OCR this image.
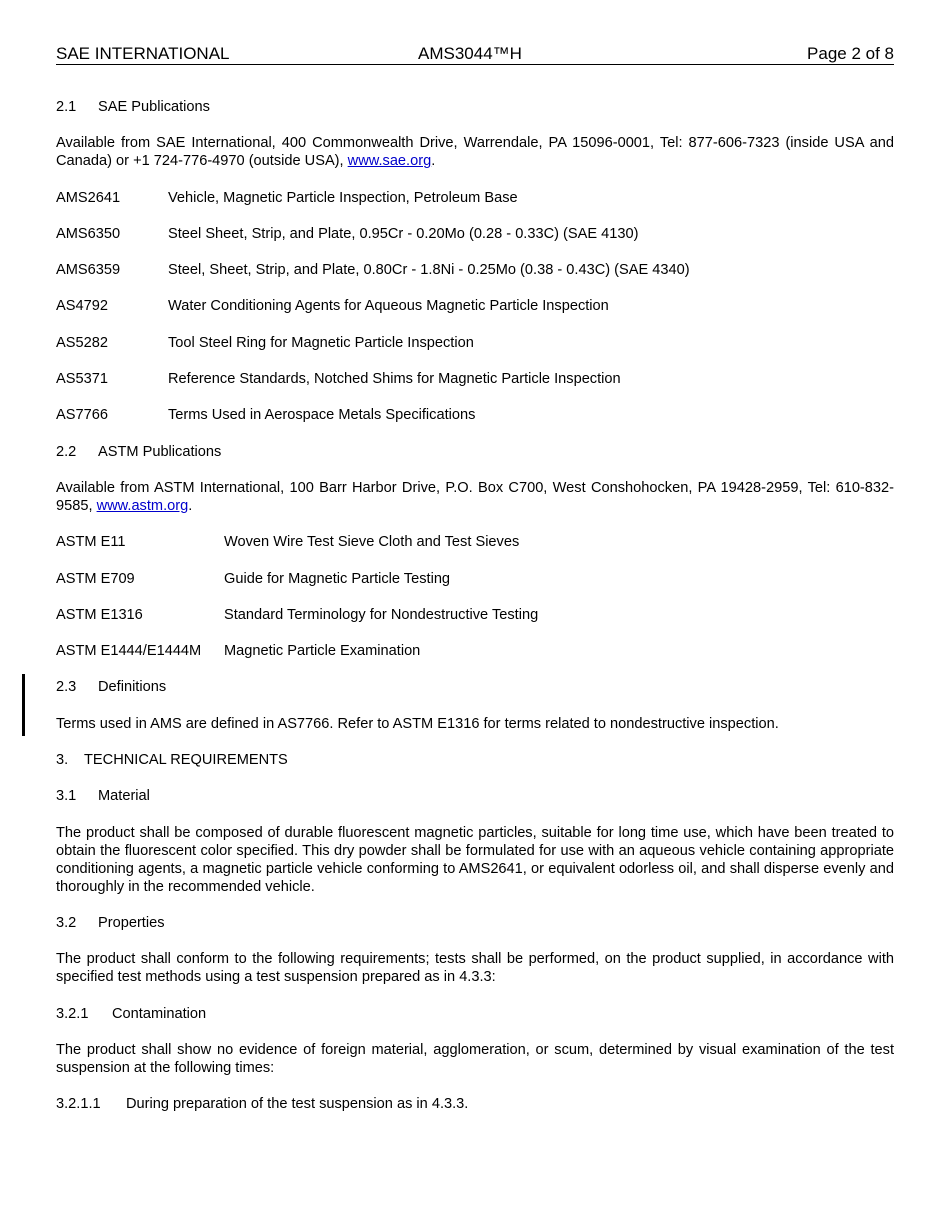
SAE INTERNATIONAL	AMS3044™H	Page 2 of 8
2.1 SAE Publications
Available from SAE International, 400 Commonwealth Drive, Warrendale, PA 15096-0001, Tel: 877-606-7323 (inside USA and Canada) or +1 724-776-4970 (outside USA), www.sae.org.
AMS2641	Vehicle, Magnetic Particle Inspection, Petroleum Base
AMS6350	Steel Sheet, Strip, and Plate, 0.95Cr - 0.20Mo (0.28 - 0.33C) (SAE 4130)
AMS6359	Steel, Sheet, Strip, and Plate, 0.80Cr - 1.8Ni - 0.25Mo (0.38 - 0.43C) (SAE 4340)
AS4792	Water Conditioning Agents for Aqueous Magnetic Particle Inspection
AS5282	Tool Steel Ring for Magnetic Particle Inspection
AS5371	Reference Standards, Notched Shims for Magnetic Particle Inspection
AS7766	Terms Used in Aerospace Metals Specifications
2.2 ASTM Publications
Available from ASTM International, 100 Barr Harbor Drive, P.O. Box C700, West Conshohocken, PA 19428-2959, Tel: 610-832-9585, www.astm.org.
ASTM E11	Woven Wire Test Sieve Cloth and Test Sieves
ASTM E709	Guide for Magnetic Particle Testing
ASTM E1316	Standard Terminology for Nondestructive Testing
ASTM E1444/E1444M	Magnetic Particle Examination
2.3 Definitions
Terms used in AMS are defined in AS7766. Refer to ASTM E1316 for terms related to nondestructive inspection.
3. TECHNICAL REQUIREMENTS
3.1 Material
The product shall be composed of durable fluorescent magnetic particles, suitable for long time use, which have been treated to obtain the fluorescent color specified. This dry powder shall be formulated for use with an aqueous vehicle containing appropriate conditioning agents, a magnetic particle vehicle conforming to AMS2641, or equivalent odorless oil, and shall disperse evenly and thoroughly in the recommended vehicle.
3.2 Properties
The product shall conform to the following requirements; tests shall be performed, on the product supplied, in accordance with specified test methods using a test suspension prepared as in 4.3.3:
3.2.1 Contamination
The product shall show no evidence of foreign material, agglomeration, or scum, determined by visual examination of the test suspension at the following times:
3.2.1.1 During preparation of the test suspension as in 4.3.3.
